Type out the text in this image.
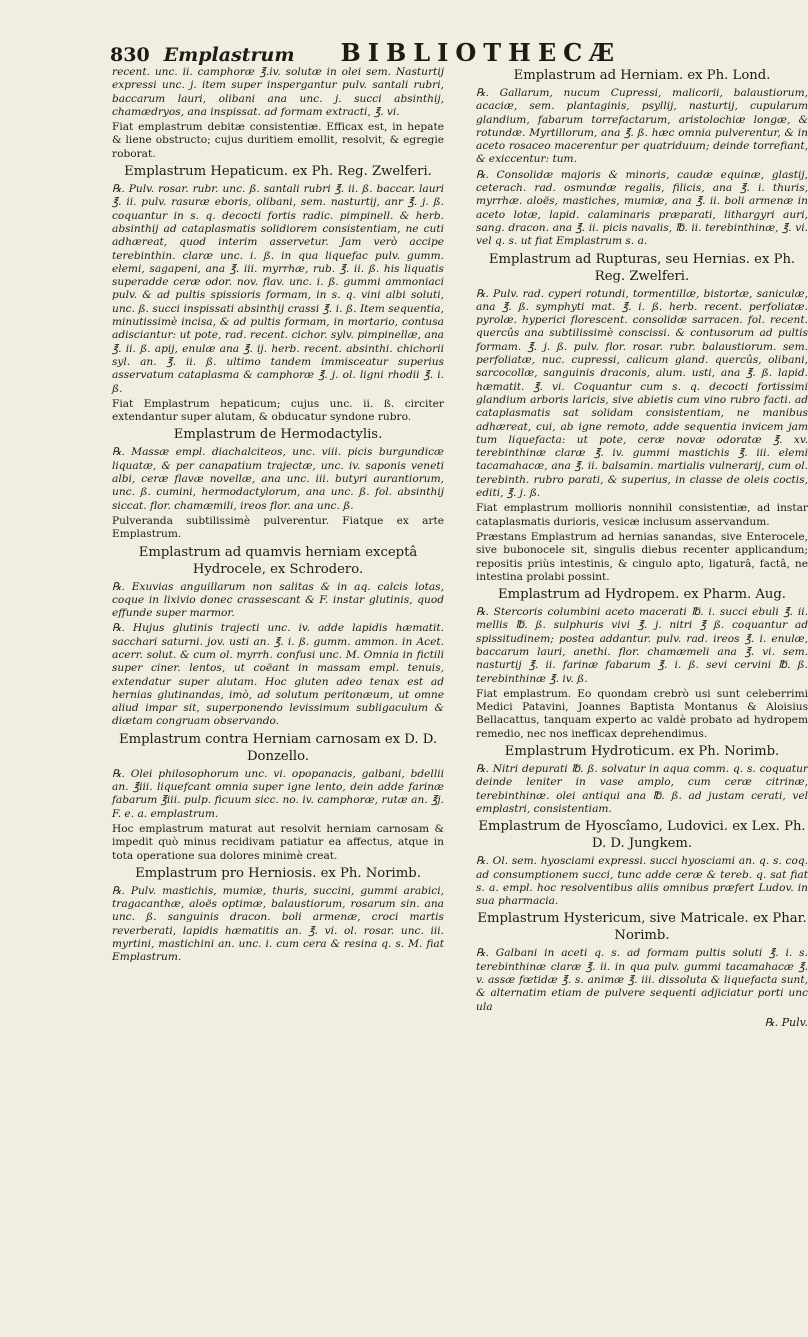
830 Emplastrum BIBLIOTHECÆ
recent. unc. ii. camphoræ ℥.iv. solutæ in olei sem. Nasturtij expressi unc. j. item super inspergantur pulv. santali rubri, baccarum lauri, olibani ana unc. j. succi absinthij, chamædryos, ana inspissat. ad formam extracti, ℥. vi.
Fiat emplastrum debitæ consistentiæ. Efficax est, in hepate & liene obstructo; cujus duritiem emollit, resolvit, & egregie roborat.
Emplastrum Hepaticum. ex Ph. Reg. Zwelferi.
℞. Pulv. rosar. rubr. unc. ß. santali rubri ℥. ii. ß. baccar. lauri ℥. ii. pulv. rasuræ eboris, olibani, sem. nasturtij, anr ℥. j. ß. coquantur in s. q. decocti fortis radic. pimpinell. & herb. absinthij ad cataplasmatis solidiorem consistentiam, ne cuti adhæreat, quod interim asservetur. Jam verò accipe terebinthin. claræ unc. i. ß. in qua liquefac pulv. gumm. elemi, sagapeni, ana ℥. iii. myrrhæ, rub. ℥. ii. ß. his liquatis superadde ceræ odor. nov. flav. unc. i. ß. gummi ammoniaci pulv. & ad pultis spissioris formam, in s. q. vini albi soluti, unc. ß. succi inspissati absinthij crassi ℥. i. ß. Item sequentia, minutissimè incisa, & ad pultis formam, in mortario, contusa adisciantur: ut pote, rad. recent. cichor. sylv. pimpinellæ, ana ℥. ii. ß. apij, enulæ ana ℥. ij. herb. recent. absinthi. chichorii syl. an. ℥. ii. ß. ultimo tandem immisceatur superius asservatum cataplasma & camphoræ ℥. j. ol. ligni rhodii ℥. i. ß.
Fiat Emplastrum hepaticum; cujus unc. ii. ß. circiter extendantur super alutam, & obducatur syndone rubro.
Emplastrum de Hermodactylis.
℞. Massæ empl. diachalciteos, unc. viii. picis burgundicæ liquatæ, & per canapatium trajectæ, unc. iv. saponis veneti albi, ceræ flavæ novellæ, ana unc. iii. butyri aurantiorum, unc. ß. cumini, hermodactylorum, ana unc. ß. fol. absinthij siccat. flor. chamæmili, ireos flor. ana unc. ß.
Pulveranda subtilissimè pulverentur. Fiatque ex arte Emplastrum.
Emplastrum ad quamvis herniam exceptâ Hydrocele, ex Schrodero.
℞. Exuvias anguillarum non salitas & in aq. calcis lotas, coque in lixivio donec crassescant & F. instar glutinis, quod effunde super marmor.
℞. Hujus glutinis trajecti unc. iv. adde lapidis hæmatit. sacchari saturni. jov. usti an. ℥. i. ß. gumm. ammon. in Acet. acerr. solut. & cum ol. myrrh. confusi unc. M. Omnia in fictili super ciner. lentos, ut coëant in massam empl. tenuis, extendatur super alutam. Hoc gluten adeo tenax est ad hernias glutinandas, imò, ad solutum peritonæum, ut omne aliud impar sit, superponendo levissimum subligaculum & diætam congruam observando.
Emplastrum contra Herniam carnosam ex D. D. Donzello.
℞. Olei philosophorum unc. vi. opopanacis, galbani, bdellii an. ℥iii. liquefcant omnia super igne lento, dein adde farinæ fabarum ℥iii. pulp. ficuum sicc. no. iv. camphoræ, rutæ an. ℥j. F. e. a. emplastrum.
Hoc emplastrum maturat aut resolvit herniam carnosam & impedit quò minus recidivam patiatur ea affectus, atque in tota operatione sua dolores minimè creat.
Emplastrum pro Herniosis. ex Ph. Norimb.
℞. Pulv. mastichis, mumiæ, thuris, succini, gummi arabici, tragacanthæ, aloës optimæ, balaustiorum, rosarum sin. ana unc. ß. sanguinis dracon. boli armenæ, croci martis reverberati, lapidis hæmatitis an. ℥. vi. ol. rosar. unc. iii. myrtini, mastichini an. unc. i. cum cera & resina q. s. M. fiat Emplastrum.
Emplastrum ad Herniam. ex Ph. Lond.
℞. Gallarum, nucum Cupressi, malicorii, balaustiorum, acaciæ, sem. plantaginis, psyllij, nasturtij, cupularum glandium, fabarum torrefactarum, aristolochiæ longæ, & rotundæ. Myrtillorum, ana ℥. ß. hæc omnia pulverentur, & in aceto rosaceo macerentur per quatriduum; deinde torrefiant, & exiccentur: tum.
℞. Consolidæ majoris & minoris, caudæ equinæ, glastij, ceterach. rad. osmundæ regalis, filicis, ana ℥. i. thuris, myrrhæ. aloës, mastiches, mumiæ, ana ℥. ii. boli armenæ in aceto lotæ, lapid. calaminaris præparati, lithargyri auri, sang. dracon. ana ℥. ii. picis navalis, ℔. ii. terebinthinæ, ℥. vi. vel q. s. ut fiat Emplastrum s. a.
Emplastrum ad Rupturas, seu Hernias. ex Ph. Reg. Zwelferi.
℞. Pulv. rad. cyperi rotundi, tormentillæ, bistortæ, saniculæ, ana ℥. ß. symphyti mat. ℥. i. ß. herb. recent. perfoliatæ. pyrolæ. hyperici florescent. consolidæ sarracen. fol. recent. quercûs ana subtilissimè conscissi. & contusorum ad pultis formam. ℥. j. ß. pulv. flor. rosar. rubr. balaustiorum. sem. perfoliatæ, nuc. cupressi, calicum gland. quercûs, olibani, sarcocollæ, sanguinis draconis, alum. usti, ana ℥. ß. lapid. hæmatit. ℥. vi. Coquantur cum s. q. decocti fortissimi glandium arboris laricis, sive abietis cum vino rubro facti. ad cataplasmatis sat solidam consistentiam, ne manibus adhæreat, cui, ab igne remoto, adde sequentia invicem jam tum liquefacta: ut pote, ceræ novæ odoratæ ℥. xv. terebinthinæ claræ ℥. iv. gummi mastichis ℥. iii. elemi tacamahacæ, ana ℥. ii. balsamin. martialis vulnerarij, cum ol. terebinth. rubro parati, & superius, in classe de oleis coctis, editi, ℥. j. ß.
Fiat emplastrum mollioris nonnihil consistentiæ, ad instar cataplasmatis durioris, vesicæ inclusum asservandum.
Præstans Emplastrum ad hernias sanandas, sive Enterocele, sive bubonocele sit, singulis diebus recenter applicandum; repositis priùs intestinis, & cingulo apto, ligaturâ, factâ, ne intestina prolabi possint.
Emplastrum ad Hydropem. ex Pharm. Aug.
℞. Stercoris columbini aceto macerati ℔. i. succi ebuli ℥. ii. mellis ℔. ß. sulphuris vivi ℥. j. nitri ℥ ß. coquantur ad spissitudinem; postea addantur. pulv. rad. ireos ℥. i. enulæ, baccarum lauri, anethi. flor. chamæmeli ana ℥. vi. sem. nasturtij ℥. ii. farinæ fabarum ℥. i. ß. sevi cervini ℔. ß. terebinthinæ ℥. iv. ß.
Fiat emplastrum. Eo quondam crebrò usi sunt celeberrimi Medici Patavini, Joannes Baptista Montanus & Aloisius Bellacattus, tanquam experto ac valdè probato ad hydropem remedio, nec nos inefficax deprehendimus.
Emplastrum Hydroticum. ex Ph. Norimb.
℞. Nitri depurati ℔. ß. solvatur in aqua comm. q. s. coquatur deinde leniter in vase amplo, cum ceræ citrinæ, terebinthinæ. olei antiqui ana ℔. ß. ad justam cerati, vel emplastri, consistentiam.
Emplastrum de Hyoscîamo, Ludovici. ex Lex. Ph. D. D. Jungkem.
℞. Ol. sem. hyosciami expressi. succi hyosciami an. q. s. coq. ad consumptionem succi, tunc adde ceræ & tereb. q. sat fiat s. a. empl. hoc resolventibus aliis omnibus præfert Ludov. in sua pharmacia.
Emplastrum Hystericum, sive Matricale. ex Phar. Norimb.
℞. Galbani in aceti q. s. ad formam pultis soluti ℥. i. s. terebinthinæ claræ ℥. ii. in qua pulv. gummi tacamahacæ ℥. v. assæ fœtidæ ℥. s. animæ ℥. iii. dissoluta & liquefacta sunt, & alternatim etiam de pulvere sequenti adjiciatur porti unc ula
℞. Pulv.
